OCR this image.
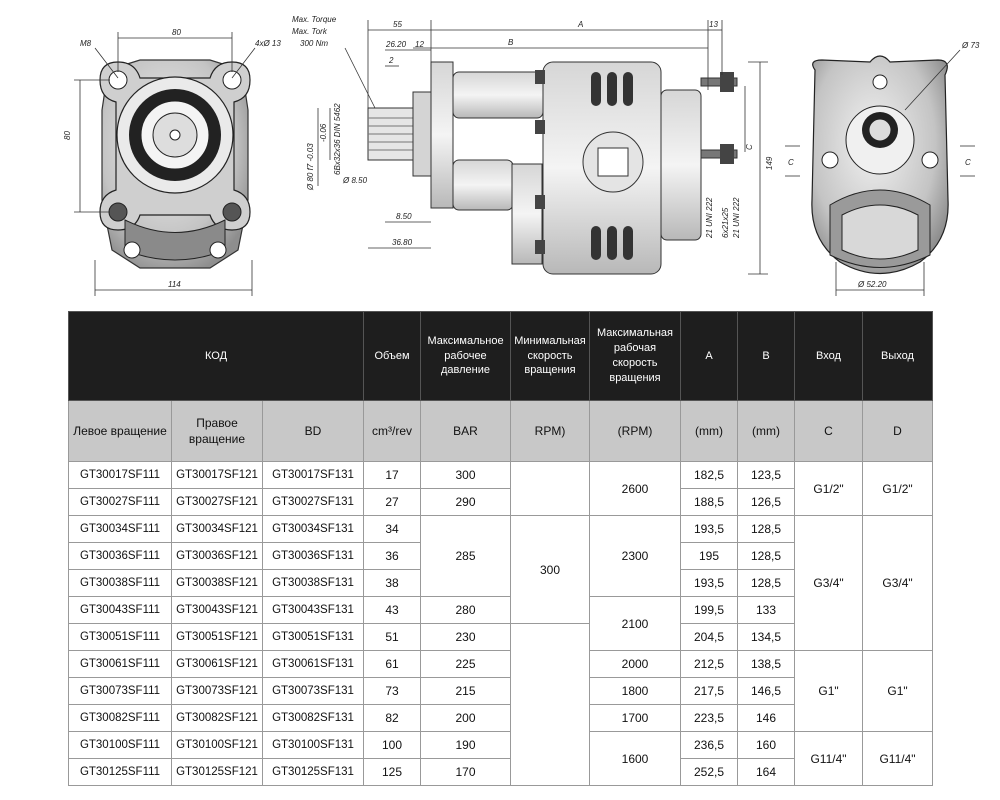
80
M8	4xØ 13
80
114
Max. Torque
Max. Tork
300 Nm
55	A	13
B
26.20 12
2
Ø 80 f7 -0.03
-0.06 6Bx32x36 DIN 5462
Ø 8.50
8.50
36.80
149
C
21 UNI 222 6x21x25 21 UNI 222
Ø 73
C	C
Ø 52.20
КОД			Объем	Максимальное рабочее давление	Минимальная скорость вращения	Максимальная рабочая скорость вращения	A	B	Вход	Выход
Левое вращение	Правое вращение	BD	cm³/rev	BAR	RPM)	(RPM)	(mm)	(mm)	C	D
GT30017SF111	GT30017SF121	GT30017SF131	17	300		2600	182,5	123,5	G1/2"	G1/2"
GT30027SF111	GT30027SF121	GT30027SF131	27	290			188,5	126,5		
GT30034SF111	GT30034SF121	GT30034SF131	34	285	300	2300	193,5	128,5	G3/4"	G3/4"
GT30036SF111	GT30036SF121	GT30036SF131	36				195	128,5		
GT30038SF111	GT30038SF121	GT30038SF131	38				193,5	128,5		
GT30043SF111	GT30043SF121	GT30043SF131	43	280		2100	199,5	133		
GT30051SF111	GT30051SF121	GT30051SF131	51	230			204,5	134,5		
GT30061SF111	GT30061SF121	GT30061SF131	61	225		2000	212,5	138,5	G1"	G1"
GT30073SF111	GT30073SF121	GT30073SF131	73	215		1800	217,5	146,5		
GT30082SF111	GT30082SF121	GT30082SF131	82	200		1700	223,5	146		
GT30100SF111	GT30100SF121	GT30100SF131	100	190		1600	236,5	160	G11/4"	G11/4"
GT30125SF111	GT30125SF121	GT30125SF131	125	170			252,5	164		
